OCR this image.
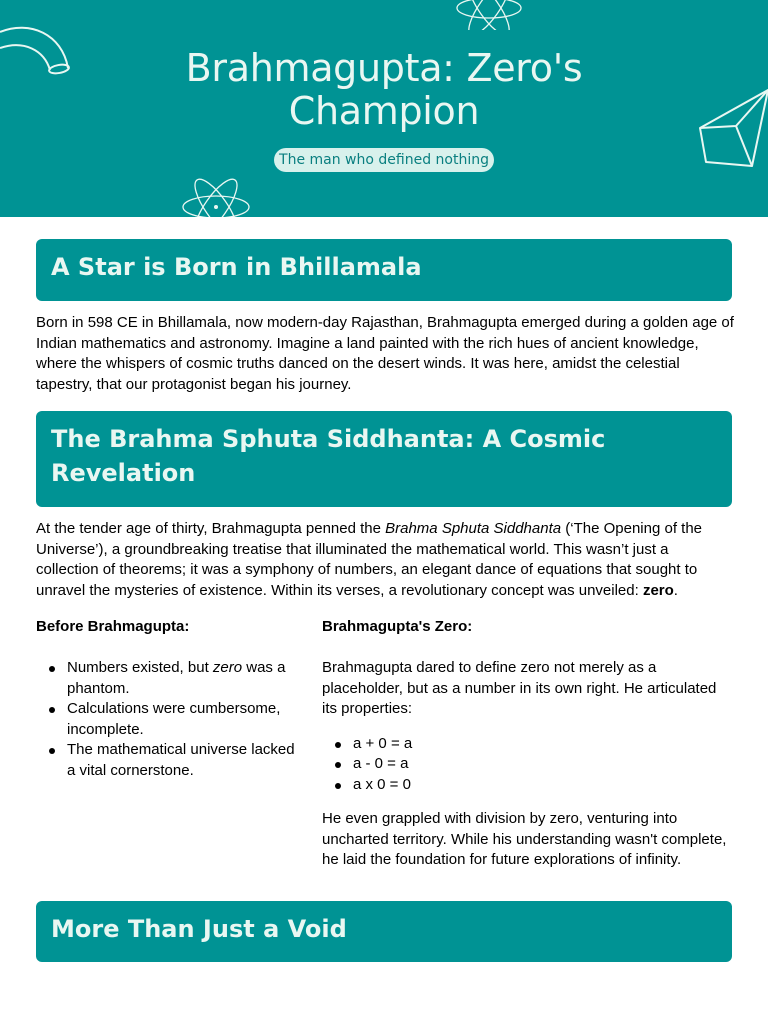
Brahmagupta: Zero's
Champion
The man who defined nothing
A Star is Born in Bhillamala

Born in 598 CE in Bhillamala, now modern-day Rajasthan, Brahmagupta emerged during a golden age of Indian mathematics and astronomy. Imagine a land painted with the rich hues of ancient knowledge, where the whispers of cosmic truths danced on the desert winds. It was here, amidst the celestial tapestry, that our protagonist began his journey.

The Brahma Sphuta Siddhanta: A Cosmic
Revelation

At the tender age of thirty, Brahmagupta penned the Brahma Sphuta Siddhanta (‘The Opening of the Universe’), a groundbreaking treatise that illuminated the mathematical world. This wasn’t just a collection of theorems; it was a symphony of numbers, an elegant dance of equations that sought to unravel the mysteries of existence. Within its verses, a revolutionary concept was unveiled: zero.

Before Brahmagupta:
Numbers existed, but zero was a phantom.
Calculations were cumbersome, incomplete.
The mathematical universe lacked a vital cornerstone.
Brahmagupta's Zero:

Brahmagupta dared to define zero not merely as a placeholder, but as a number in its own right. He articulated its properties:

a + 0 = a
a - 0 = a
a x 0 = 0

He even grappled with division by zero, venturing into uncharted territory. While his understanding wasn't complete, he laid the foundation for future explorations of infinity.

More Than Just a Void
